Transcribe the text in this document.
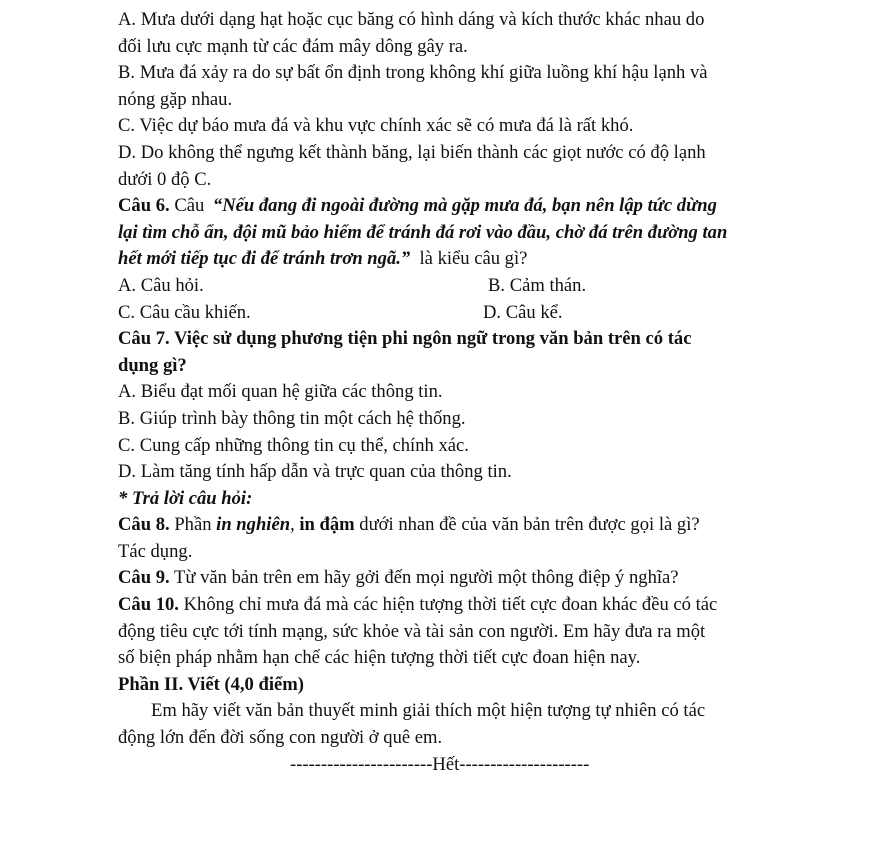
A. Mưa dưới dạng hạt hoặc cục băng có hình dáng và kích thước khác nhau do
đối lưu cực mạnh từ các đám mây dông gây ra.
B. Mưa đá xảy ra do sự bất ổn định trong không khí giữa luồng khí hậu lạnh và
nóng gặp nhau.
C. Việc dự báo mưa đá và khu vực chính xác sẽ có mưa đá là rất khó.
D. Do không thể ngưng kết thành băng, lại biến thành các giọt nước có độ lạnh
dưới 0 độ C.
Câu 6. Câu “Nếu đang đi ngoài đường mà gặp mưa đá, bạn nên lập tức dừng
lại tìm chỗ ẩn, đội mũ bảo hiểm để tránh đá rơi vào đầu, chờ đá trên đường tan
hết mới tiếp tục đi để tránh trơn ngã.”  là kiểu câu gì?
A. Câu hỏi.	B. Cảm thán.
C. Câu cầu khiến.	D. Câu kể.
Câu 7. Việc sử dụng phương tiện phi ngôn ngữ trong văn bản trên có tác
dụng gì?
A. Biểu đạt mối quan hệ giữa các thông tin.
B. Giúp trình bày thông tin một cách hệ thống.
C. Cung cấp những thông tin cụ thể, chính xác.
D. Làm tăng tính hấp dẫn và trực quan của thông tin.
* Trả lời câu hỏi:
Câu 8. Phần in nghiên, in đậm dưới nhan đề của văn bản trên được gọi là gì?
Tác dụng.
Câu 9. Từ văn bản trên em hãy gởi đến mọi người một thông điệp ý nghĩa?
Câu 10. Không chỉ mưa đá mà các hiện tượng thời tiết cực đoan khác đều có tác
động tiêu cực tới tính mạng, sức khỏe và tài sản con người. Em hãy đưa ra một
số biện pháp nhằm hạn chế các hiện tượng thời tiết cực đoan hiện nay.
Phần II. Viết (4,0 điểm)
Em hãy viết văn bản thuyết minh giải thích một hiện tượng tự nhiên có tác
động lớn đến đời sống con người ở quê em.
-----------------------Hết---------------------
